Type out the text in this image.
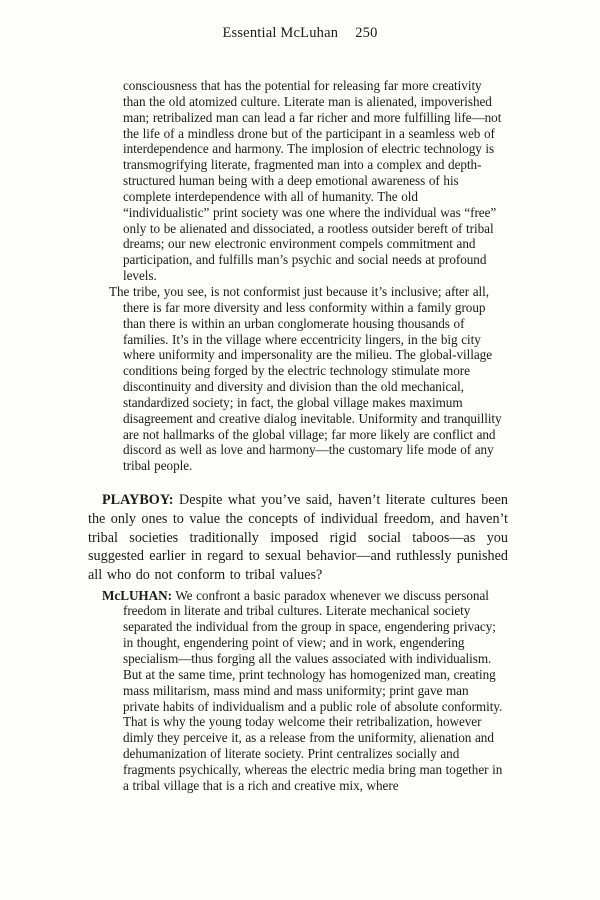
Essential McLuhan 250

consciousness that has the potential for releasing far more creativity than the old atomized culture. Literate man is alienated, impoverished man; retribalized man can lead a far richer and more fulfilling life—not the life of a mindless drone but of the participant in a seamless web of interdependence and harmony. The implosion of electric technology is transmogrifying literate, fragmented man into a complex and depth-structured human being with a deep emotional awareness of his complete interdependence with all of humanity. The old “individualistic” print society was one where the individual was “free” only to be alienated and dissociated, a rootless outsider bereft of tribal dreams; our new electronic environment compels commitment and participation, and fulfills man’s psychic and social needs at profound levels.

The tribe, you see, is not conformist just because it’s inclusive; after all, there is far more diversity and less conformity within a family group than there is within an urban conglomerate housing thousands of families. It’s in the village where eccentricity lingers, in the big city where uniformity and impersonality are the milieu. The global-village conditions being forged by the electric technology stimulate more discontinuity and diversity and division than the old mechanical, standardized society; in fact, the global village makes maximum disagreement and creative dialog inevitable. Uniformity and tranquillity are not hallmarks of the global village; far more likely are conflict and discord as well as love and harmony—the customary life mode of any tribal people.

PLAYBOY: Despite what you’ve said, haven’t literate cultures been the only ones to value the concepts of individual freedom, and haven’t tribal societies traditionally imposed rigid social taboos—as you suggested earlier in regard to sexual behavior—and ruthlessly punished all who do not conform to tribal values?

McLUHAN: We confront a basic paradox whenever we discuss personal freedom in literate and tribal cultures. Literate mechanical society separated the individual from the group in space, engendering privacy; in thought, engendering point of view; and in work, engendering specialism—thus forging all the values associated with individualism. But at the same time, print technology has homogenized man, creating mass militarism, mass mind and mass uniformity; print gave man private habits of individualism and a public role of absolute conformity. That is why the young today welcome their retribalization, however dimly they perceive it, as a release from the uniformity, alienation and dehumanization of literate society. Print centralizes socially and fragments psychically, whereas the electric media bring man together in a tribal village that is a rich and creative mix, where
